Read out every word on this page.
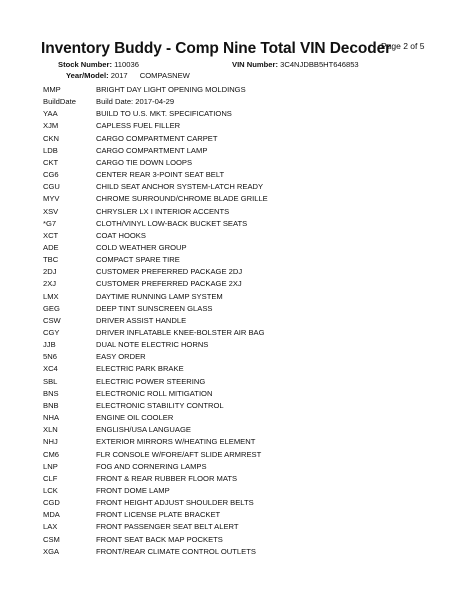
Inventory Buddy - Comp Nine Total VIN Decoder
Page 2 of 5
Stock Number: 110036	VIN Number: 3C4NJDBB5HT646853
Year/Model: 2017 COMPASNEW
MMP	BRIGHT DAY LIGHT OPENING MOLDINGS
BuildDate	Build Date: 2017-04-29
YAA	BUILD TO U.S. MKT. SPECIFICATIONS
XJM	CAPLESS FUEL FILLER
CKN	CARGO COMPARTMENT CARPET
LDB	CARGO COMPARTMENT LAMP
CKT	CARGO TIE DOWN LOOPS
CG6	CENTER REAR 3-POINT SEAT BELT
CGU	CHILD SEAT ANCHOR SYSTEM-LATCH READY
MYV	CHROME SURROUND/CHROME BLADE GRILLE
XSV	CHRYSLER LX I INTERIOR ACCENTS
*G7	CLOTH/VINYL LOW-BACK BUCKET SEATS
XCT	COAT HOOKS
ADE	COLD WEATHER GROUP
TBC	COMPACT SPARE TIRE
2DJ	CUSTOMER PREFERRED PACKAGE 2DJ
2XJ	CUSTOMER PREFERRED PACKAGE 2XJ
LMX	DAYTIME RUNNING LAMP SYSTEM
GEG	DEEP TINT SUNSCREEN GLASS
CSW	DRIVER ASSIST HANDLE
CGY	DRIVER INFLATABLE KNEE-BOLSTER AIR BAG
JJB	DUAL NOTE ELECTRIC HORNS
5N6	EASY ORDER
XC4	ELECTRIC PARK BRAKE
SBL	ELECTRIC POWER STEERING
BNS	ELECTRONIC ROLL MITIGATION
BNB	ELECTRONIC STABILITY CONTROL
NHA	ENGINE OIL COOLER
XLN	ENGLISH/USA LANGUAGE
NHJ	EXTERIOR MIRRORS W/HEATING ELEMENT
CM6	FLR CONSOLE W/FORE/AFT SLIDE ARMREST
LNP	FOG AND CORNERING LAMPS
CLF	FRONT & REAR RUBBER FLOOR MATS
LCK	FRONT DOME LAMP
CGD	FRONT HEIGHT ADJUST SHOULDER BELTS
MDA	FRONT LICENSE PLATE BRACKET
LAX	FRONT PASSENGER SEAT BELT ALERT
CSM	FRONT SEAT BACK MAP POCKETS
XGA	FRONT/REAR CLIMATE CONTROL OUTLETS
